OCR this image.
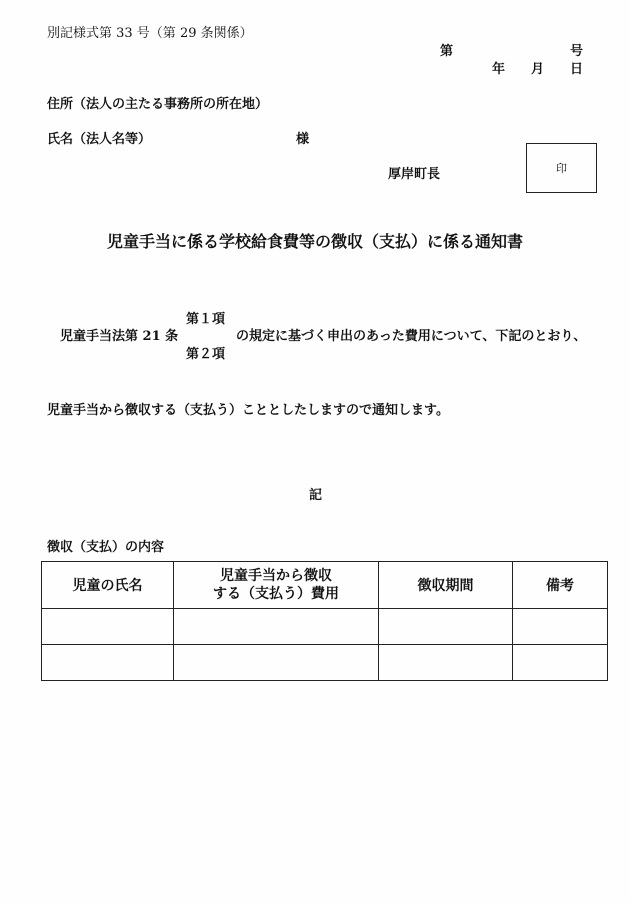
別記様式第 33 号（第 29 条関係）
第	号
年 月 日
住所（法人の主たる事務所の所在地）
氏名（法人名等）	様
厚岸町長	印
児童手当に係る学校給食費等の徴収（支払）に係る通知書
児童手当法第 21 条
第１項
第２項
の規定に基づく申出のあった費用について、下記のとおり、
児童手当から徴収する（支払う）こととしたしますので通知します。
記
徴収（支払）の内容
児童の氏名	児童手当から徴収
する（支払う）費用	徴収期間	備考
